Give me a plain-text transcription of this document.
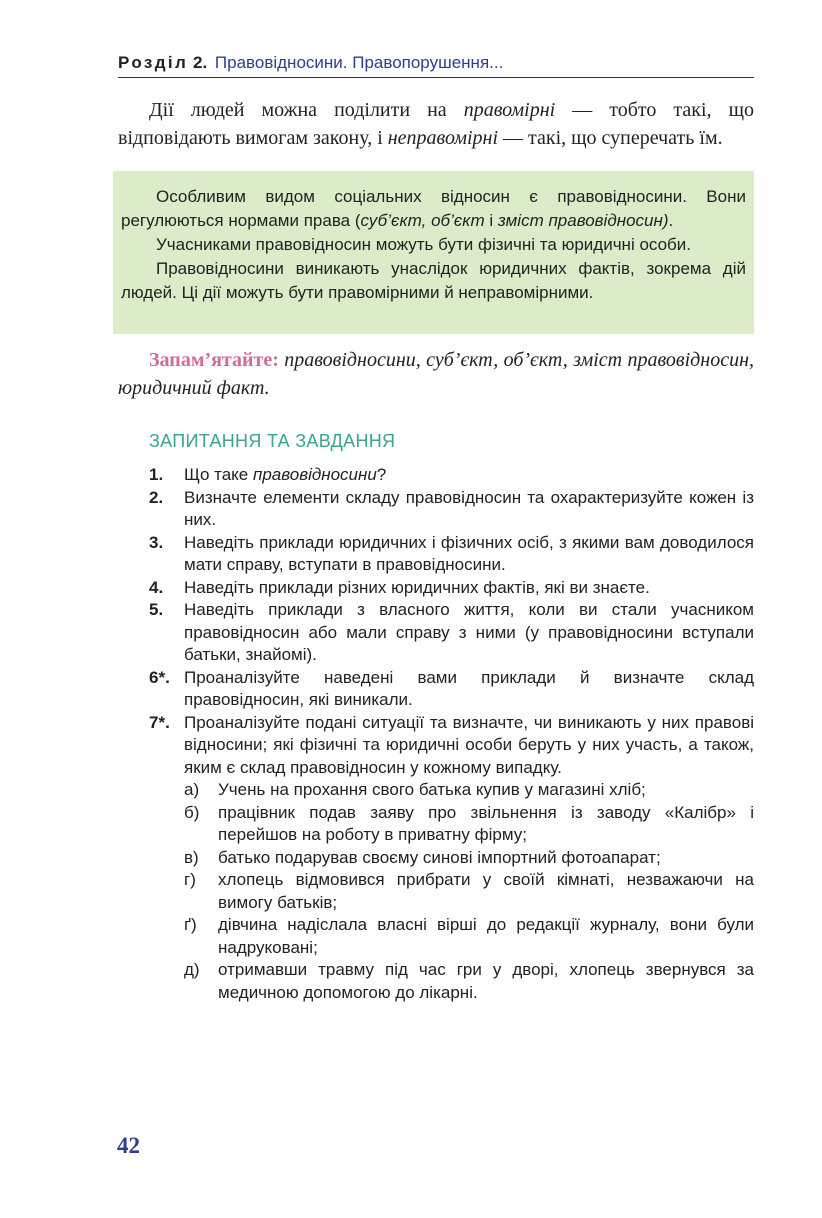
Розділ 2. Правовідносини. Правопорушення...

Дії людей можна поділити на правомірні — тобто такі, що відповідають вимогам закону, і неправомірні — такі, що суперечать їм.

Особливим видом соціальних відносин є правовідносини. Вони регулюються нормами права (суб’єкт, об’єкт і зміст правовідносин).

Учасниками правовідносин можуть бути фізичні та юридичні особи.

Правовідносини виникають унаслідок юридичних фактів, зокрема дій людей. Ці дії можуть бути правомірними й неправомірними.

Запам’ятайте: правовідносини, суб’єкт, об’єкт, зміст правовідносин, юридичний факт.

ЗАПИТАННЯ ТА ЗАВДАННЯ
1.	Що таке правовідносини?
2.	Визначте елементи складу правовідносин та охарактеризуйте кожен із них.
3.	Наведіть приклади юридичних і фізичних осіб, з якими вам доводилося мати справу, вступати в правовідносини.
4.	Наведіть приклади різних юридичних фактів, які ви знаєте.
5.	Наведіть приклади з власного життя, коли ви стали учасником правовідносин або мали справу з ними (у правовідносини вступали батьки, знайомі).
6*. Проаналізуйте наведені вами приклади й визначте склад правовідносин, які виникали.
7*. Проаналізуйте подані ситуації та визначте, чи виникають у них правові відносини; які фізичні та юридичні особи беруть у них участь, а також, яким є склад правовідносин у кожному випадку.
а)	Учень на прохання свого батька купив у магазині хліб;
б)	працівник подав заяву про звільнення із заводу «Калібр» і перейшов на роботу в приватну фірму;
в)	батько подарував своєму синові імпортний фотоапарат;
г)	хлопець відмовився прибрати у своїй кімнаті, незважаючи на вимогу батьків;
ґ)	дівчина надіслала власні вірші до редакції журналу, вони були надруковані;
д)	отримавши травму під час гри у дворі, хлопець звернувся за медичною допомогою до лікарні.
42
